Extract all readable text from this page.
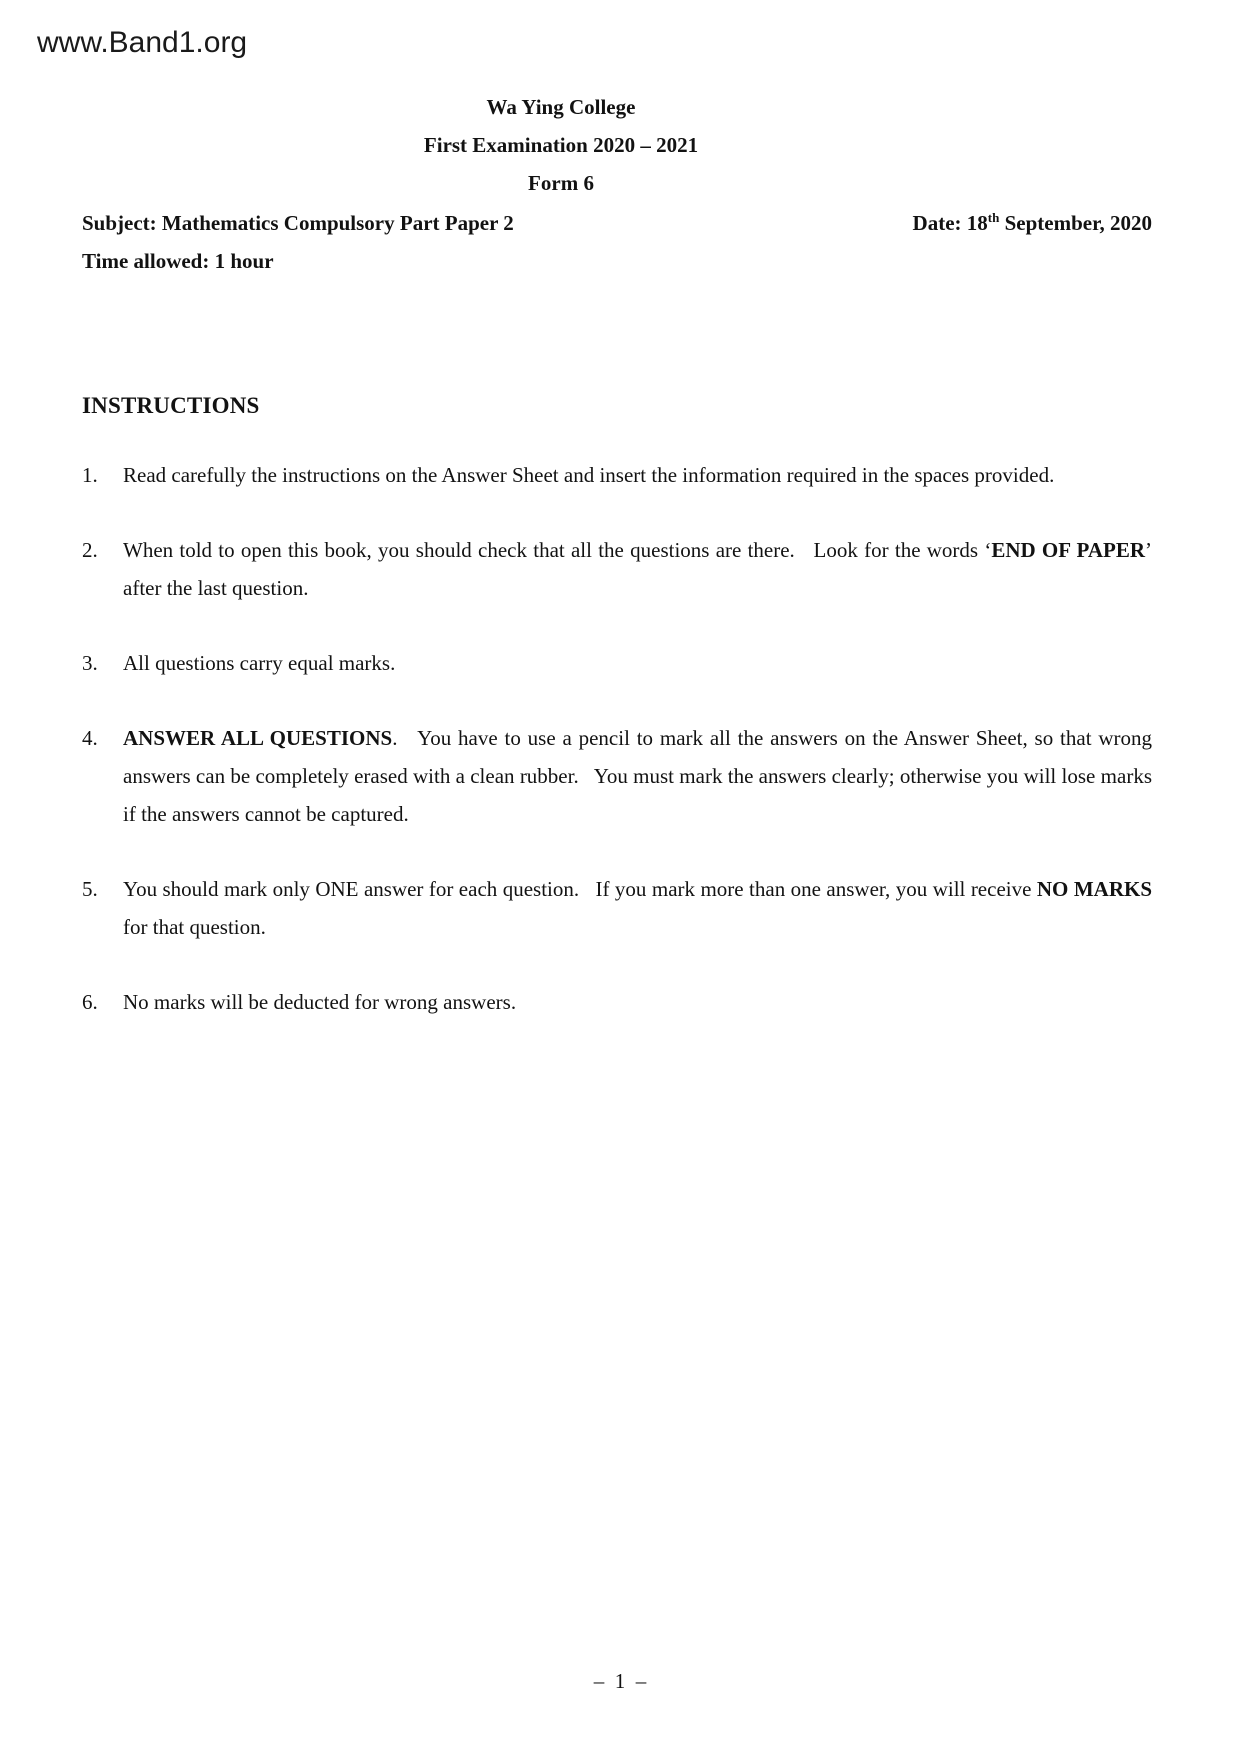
www.Band1.org
Wa Ying College
First Examination 2020 – 2021
Form 6
Subject: Mathematics Compulsory Part Paper 2	Date: 18th September, 2020
Time allowed: 1 hour
INSTRUCTIONS
1.	Read carefully the instructions on the Answer Sheet and insert the information required in the spaces provided.
2.	When told to open this book, you should check that all the questions are there.   Look for the words ‘END OF PAPER’ after the last question.
3.	All questions carry equal marks.
4.	ANSWER ALL QUESTIONS.   You have to use a pencil to mark all the answers on the Answer Sheet, so that wrong answers can be completely erased with a clean rubber.   You must mark the answers clearly; otherwise you will lose marks if the answers cannot be captured.
5.	You should mark only ONE answer for each question.   If you mark more than one answer, you will receive NO MARKS for that question.
6.	No marks will be deducted for wrong answers.
–  1  –
